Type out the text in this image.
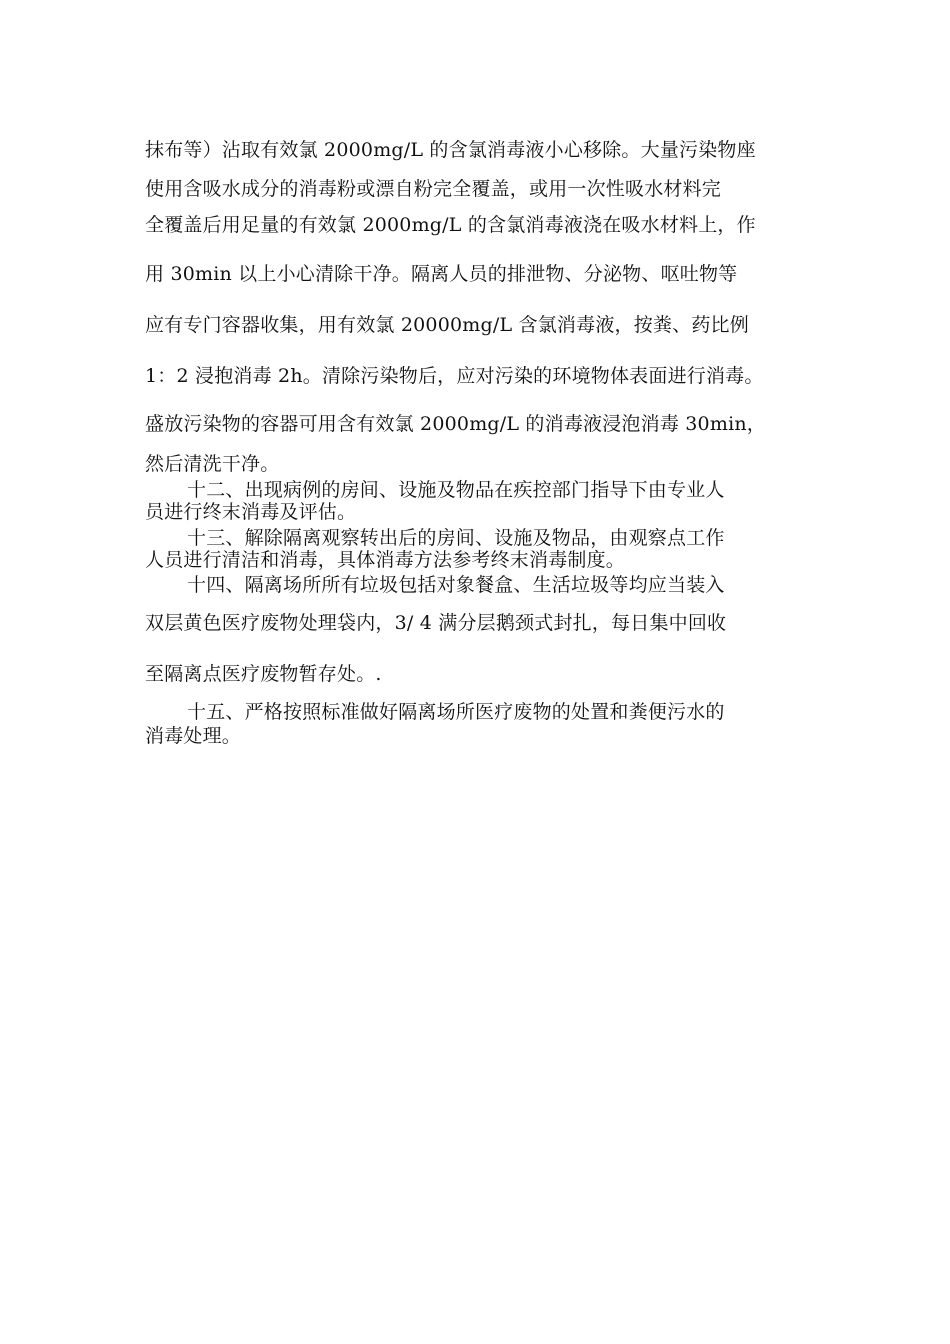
抹布等）沾取有效氯 2000mg/L 的含氯消毒液小心移除。大量污染物座
使用含吸水成分的消毒粉或漂自粉完全覆盖，或用一次性吸水材料完
全覆盖后用足量的有效氯 2000mg/L 的含氯消毒液浇在吸水材料上，作
用 30min 以上小心清除干净。隔离人员的排泄物、分泌物、呕吐物等
应有专门容器收集，用有效氯 20000mg/L 含氯消毒液，按粪、药比例
1：2 浸抱消毒 2h。清除污染物后，应对污染的环境物体表面进行消毒。
盛放污染物的容器可用含有效氯 2000mg/L 的消毒液浸泡消毒 30min，
然后清洗干净。
十二、出现病例的房间、设施及物品在疾控部门指导下由专业人
员进行终末消毒及评估。
十三、解除隔离观察转出后的房间、设施及物品，由观察点工作
人员进行清洁和消毒，具体消毒方法参考终末消毒制度。
十四、隔离场所所有垃圾包括对象餐盒、生活垃圾等均应当装入
双层黄色医疗废物处理袋内，3/ 4 满分层鹅颈式封扎，每日集中回收
至隔离点医疗废物暂存处。.
十五、严格按照标准做好隔离场所医疗废物的处置和粪便污水的
消毒处理。
